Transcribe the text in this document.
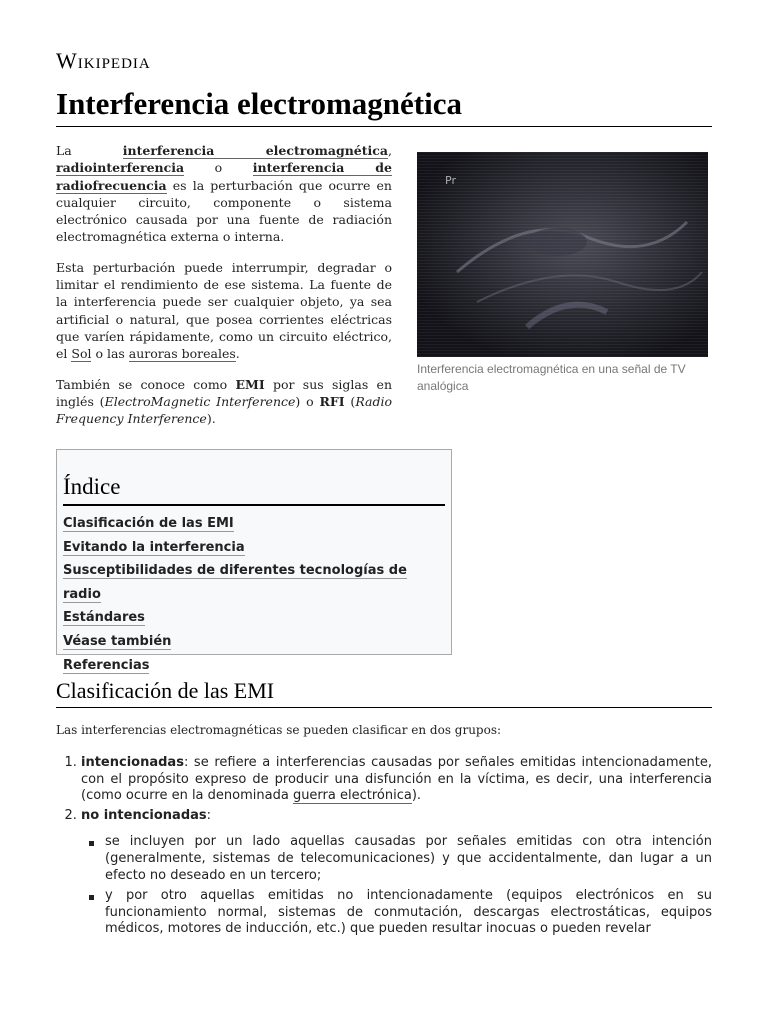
Wikipedia
Interferencia electromagnética

La interferencia electromagnética, radiointerferencia o interferencia de radiofrecuencia es la perturbación que ocurre en cualquier circuito, componente o sistema electrónico causada por una fuente de radiación electromagnética externa o interna.

Esta perturbación puede interrumpir, degradar o limitar el rendimiento de ese sistema. La fuente de la interferencia puede ser cualquier objeto, ya sea artificial o natural, que posea corrientes eléctricas que varíen rápidamente, como un circuito eléctrico, el Sol o las auroras boreales.

También se conoce como EMI por sus siglas en inglés (ElectroMagnetic Interference) o RFI (Radio Frequency Interference).

Pr
Interferencia electromagnética en una señal de TV analógica
Índice
Clasificación de las EMI
Evitando la interferencia
Susceptibilidades de diferentes tecnologías de radio
Estándares
Véase también
Referencias
Clasificación de las EMI
Las interferencias electromagnéticas se pueden clasificar en dos grupos:
1. intencionadas: se refiere a interferencias causadas por señales emitidas intencionadamente, con el propósito expreso de producir una disfunción en la víctima, es decir, una interferencia (como ocurre en la denominada guerra electrónica).
2. no intencionadas:
se incluyen por un lado aquellas causadas por señales emitidas con otra intención (generalmente, sistemas de telecomunicaciones) y que accidentalmente, dan lugar a un efecto no deseado en un tercero;
y por otro aquellas emitidas no intencionadamente (equipos electrónicos en su funcionamiento normal, sistemas de conmutación, descargas electrostáticas, equipos médicos, motores de inducción, etc.) que pueden resultar inocuas o pueden revelar
